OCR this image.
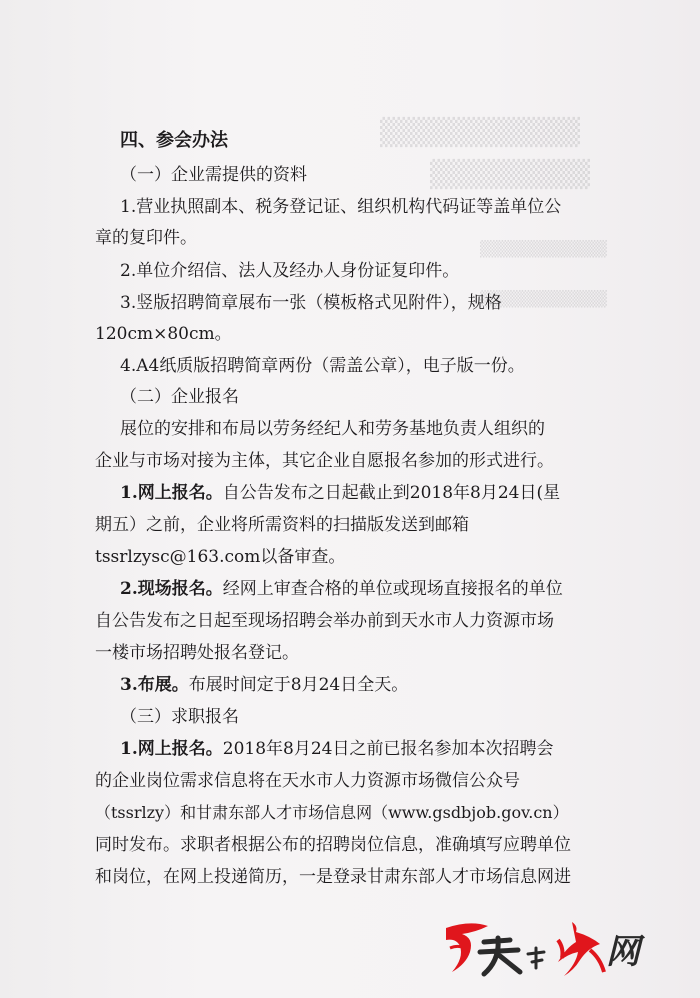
▒▒▒▒▒▒▒▒▒▒
▒▒▒▒▒▒▒▒
▒▒▒▒▒▒▒▒▒▒▒
▒▒▒▒▒▒▒▒▒▒▒
四、参会办法
（一）企业需提供的资料
1.营业执照副本、税务登记证、组织机构代码证等盖单位公
章的复印件。
2.单位介绍信、法人及经办人身份证复印件。
3.竖版招聘简章展布一张（模板格式见附件），规格
120cm×80cm。
4.A4纸质版招聘简章两份（需盖公章），电子版一份。
（二）企业报名
展位的安排和布局以劳务经纪人和劳务基地负责人组织的
企业与市场对接为主体，其它企业自愿报名参加的形式进行。
1.网上报名。自公告发布之日起截止到2018年8月24日(星
期五）之前，企业将所需资料的扫描版发送到邮箱
tssrlzysc@163.com以备审查。
2.现场报名。经网上审查合格的单位或现场直接报名的单位
自公告发布之日起至现场招聘会举办前到天水市人力资源市场
一楼市场招聘处报名登记。
3.布展。布展时间定于8月24日全天。
（三）求职报名
1.网上报名。2018年8月24日之前已报名参加本次招聘会
的企业岗位需求信息将在天水市人力资源市场微信公众号
（tssrlzy）和甘肃东部人才市场信息网（www.gsdbjob.gov.cn）
同时发布。求职者根据公布的招聘岗位信息，准确填写应聘单位
和岗位，在网上投递简历，一是登录甘肃东部人才市场信息网进
网
